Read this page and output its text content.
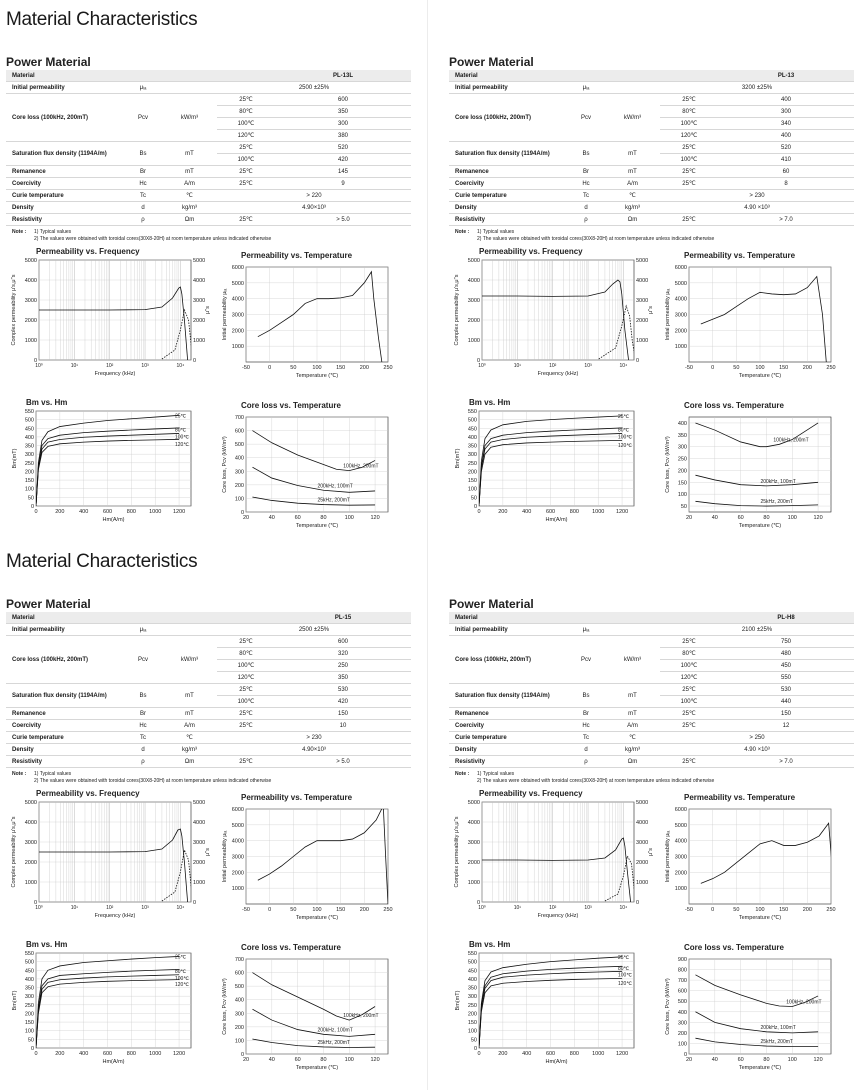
Material Characteristics
Material Characteristics
Power Material
Material				PL-13L
Initial permeability	μᵢₐ		2500 ±25%	
Core loss (100kHz, 200mT)	Pcv	kW/m³	25℃	600
			80℃	350
			100℃	300
			120℃	380
Saturation flux density (1194A/m)	Bs	mT	25℃	520
			100℃	420
Remanence	Br	mT	25℃	145
Coercivity	Hc	A/m	25℃	9
Curie temperature	Tc	℃	> 220	
Density	d	kg/m³	4.90×10³	
Resistivity	ρ	Ωm	25℃	> 5.0
Note : 1) Typical values
2) The values were obtained with toroidal cores(30X8-20H) at room temperature unless indicated otherwise
Permeability vs. Frequency
10⁰	10¹	10²	10³	10⁴
0	0
1000	1000
2000	2000
3000	3000
4000	4000
5000	5000
Frequency (kHz)
Complex permeability μ's,μ''s	μ''s
Permeability vs. Temperature
-50	0	50	100	150	200	250
1000
2000
3000
4000
5000
6000
Temperature (℃)
Initial permeability μᵢₐ
Bm vs. Hm
0	200	400	600	800 1000 1200
0
50
100
150
200
250
300
350
400
450
500
550
Hm(A/m)
Bm(mT)
25℃
80℃
100℃
120℃
Core loss vs. Temperature
20	40	60	80	100	120
0
100
200
300
400
500
600
700
Temperature (℃)
Core loss, Pcv (kW/m³)	100kHz, 200mT
200kHz, 100mT
25kHz, 200mT
Power Material
Material				PL-13
Initial permeability	μᵢₐ		3200 ±25%	
Core loss (100kHz, 200mT)	Pcv	kW/m³	25℃	400
			80℃	300
			100℃	340
			120℃	400
Saturation flux density (1194A/m)	Bs	mT	25℃	520
			100℃	410
Remanence	Br	mT	25℃	60
Coercivity	Hc	A/m	25℃	8
Curie temperature	Tc	℃	> 230	
Density	d	kg/m³	4.90 ×10³	
Resistivity	ρ	Ωm	25℃	> 7.0
Note : 1) Typical values
2) The values were obtained with toroidal cores(30X8-20H) at room temperature unless indicated otherwise
Permeability vs. Frequency
10⁰	10¹	10²	10³	10⁴
0	0
1000	1000
2000	2000
3000	3000
4000	4000
5000	5000
Frequency (kHz)
Complex permeability μ's,μ''s	μ''s
Permeability vs. Temperature
-50	0	50	100	150	200	250
1000
2000
3000
4000
5000
6000
Temperature (℃)
Initial permeability μᵢₐ
Bm vs. Hm
0	200	400	600	800 1000 1200
0
50
100
150
200
250
300
350
400
450
500
550
Hm(A/m)
Bm(mT)
25℃
80℃
100℃
120℃
Core loss vs. Temperature
20	40	60	80	100	120
50
100
150
200
250
300
350
400
Temperature (℃)
Core loss, Pcv (kW/m³)	100kHz, 200mT
200kHz, 100mT
25kHz, 200mT
Power Material
Material				PL-15
Initial permeability	μᵢₐ		2500 ±25%	
Core loss (100kHz, 200mT)	Pcv	kW/m³	25℃	600
			80℃	320
			100℃	250
			120℃	350
Saturation flux density (1194A/m)	Bs	mT	25℃	530
			100℃	420
Remanence	Br	mT	25℃	150
Coercivity	Hc	A/m	25℃	10
Curie temperature	Tc	℃	> 230	
Density	d	kg/m³	4.90×10³	
Resistivity	ρ	Ωm	25℃	> 5.0
Note : 1) Typical values
2) The values were obtained with toroidal cores(30X8-20H) at room temperature unless indicated otherwise
Permeability vs. Frequency
10⁰	10¹	10²	10³	10⁴
0	0
1000	1000
2000	2000
3000	3000
4000	4000
5000	5000
Frequency (kHz)
Complex permeability μ's,μ''s	μ''s
Permeability vs. Temperature
-50	0	50	100	150	200	250
1000
2000
3000
4000
5000
6000
Temperature (℃)
Initial permeability μᵢₐ
Bm vs. Hm
0	200	400	600	800 1000 1200
0
50
100
150
200
250
300
350
400
450
500
550
Hm(A/m)
Bm(mT)
25℃
80℃
100℃
120℃
Core loss vs. Temperature
20	40	60	80	100	120
0
100
200
300
400
500
600
700
Temperature (℃)
Core loss, Pcv (kW/m³)	100kHz, 200mT
200kHz, 100mT
25kHz, 200mT
Power Material
Material				PL-H8
Initial permeability	μᵢₐ		2100 ±25%	
Core loss (100kHz, 200mT)	Pcv	kW/m³	25℃	750
			80℃	480
			100℃	450
			120℃	550
Saturation flux density (1194A/m)	Bs	mT	25℃	530
			100℃	440
Remanence	Br	mT	25℃	150
Coercivity	Hc	A/m	25℃	12
Curie temperature	Tc	℃	> 250	
Density	d	kg/m³	4.90 ×10³	
Resistivity	ρ	Ωm	25℃	> 7.0
Note : 1) Typical values
2) The values were obtained with toroidal cores(30X8-20H) at room temperature unless indicated otherwise
Permeability vs. Frequency
10⁰	10¹	10²	10³	10⁴
0	0
1000	1000
2000	2000
3000	3000
4000	4000
5000	5000
Frequency (kHz)
Complex permeability μ's,μ''s	μ''s
Permeability vs. Temperature
-50	0	50	100	150	200	250
1000
2000
3000
4000
5000
6000
Temperature (℃)
Initial permeability μᵢₐ
Bm vs. Hm
0	200	400	600	800 1000 1200
0
50
100
150
200
250
300
350
400
450
500
550
Hm(A/m)
Bm(mT)
25℃
80℃
100℃
120℃
Core loss vs. Temperature
20	40	60	80	100	120
0
100
200
300
400
500
600
700
800
900
Temperature (℃)
Core loss, Pcv (kW/m³)	100kHz, 200mT
200kHz, 100mT
25kHz, 200mT
